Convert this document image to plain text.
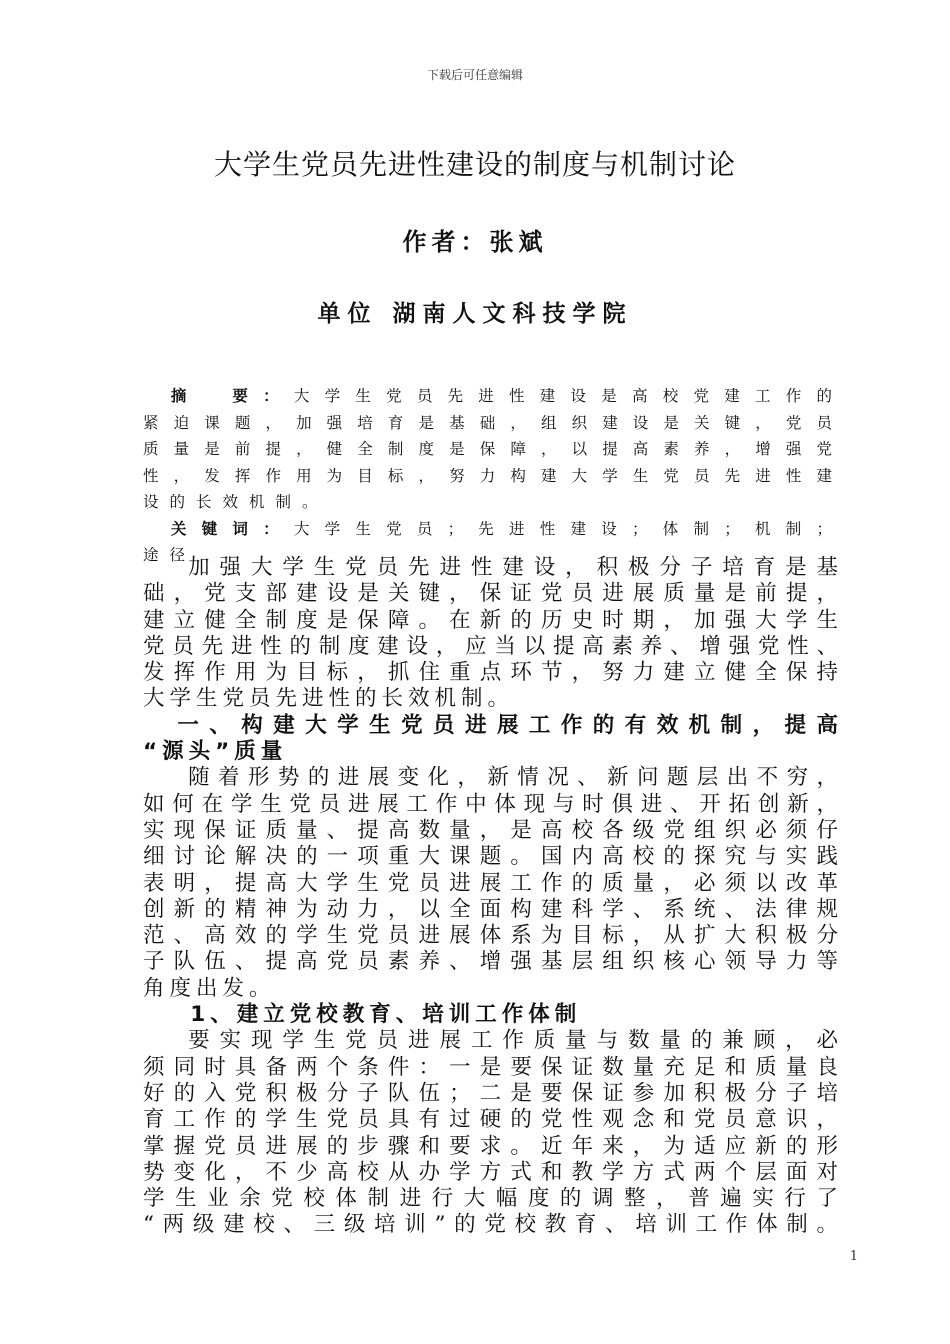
下载后可任意编辑
大学生党员先进性建设的制度与机制讨论
作者：张斌
单位 湖南人文科技学院

摘　要：大学生党员先进性建设是高校党建工作的

紧迫课题，加强培育是基础，组织建设是关键，党员

质量是前提，健全制度是保障，以提高素养，增强党

性，发挥作用为目标，努力构建大学生党员先进性建

设的长效机制。

关键词：大学生党员；先进性建设；体制；机制；

途径

加强大学生党员先进性建设，积极分子培育是基

础，党支部建设是关键，保证党员进展质量是前提，

建立健全制度是保障。在新的历史时期，加强大学生

党员先进性的制度建设，应当以提高素养、增强党性、

发挥作用为目标，抓住重点环节，努力建立健全保持

大学生党员先进性的长效机制。

一、构建大学生党员进展工作的有效机制，提高

“源头”质量

随着形势的进展变化，新情况、新问题层出不穷，

如何在学生党员进展工作中体现与时俱进、开拓创新，

实现保证质量、提高数量，是高校各级党组织必须仔

细讨论解决的一项重大课题。国内高校的探究与实践

表明，提高大学生党员进展工作的质量，必须以改革

创新的精神为动力，以全面构建科学、系统、法律规

范、高效的学生党员进展体系为目标，从扩大积极分

子队伍、提高党员素养、增强基层组织核心领导力等

角度出发。

1、建立党校教育、培训工作体制

要实现学生党员进展工作质量与数量的兼顾，必

须同时具备两个条件：一是要保证数量充足和质量良

好的入党积极分子队伍；二是要保证参加积极分子培

育工作的学生党员具有过硬的党性观念和党员意识，

掌握党员进展的步骤和要求。近年来，为适应新的形

势变化，不少高校从办学方式和教学方式两个层面对

学生业余党校体制进行大幅度的调整，普遍实行了

“两级建校、三级培训”的党校教育、培训工作体制。

1
